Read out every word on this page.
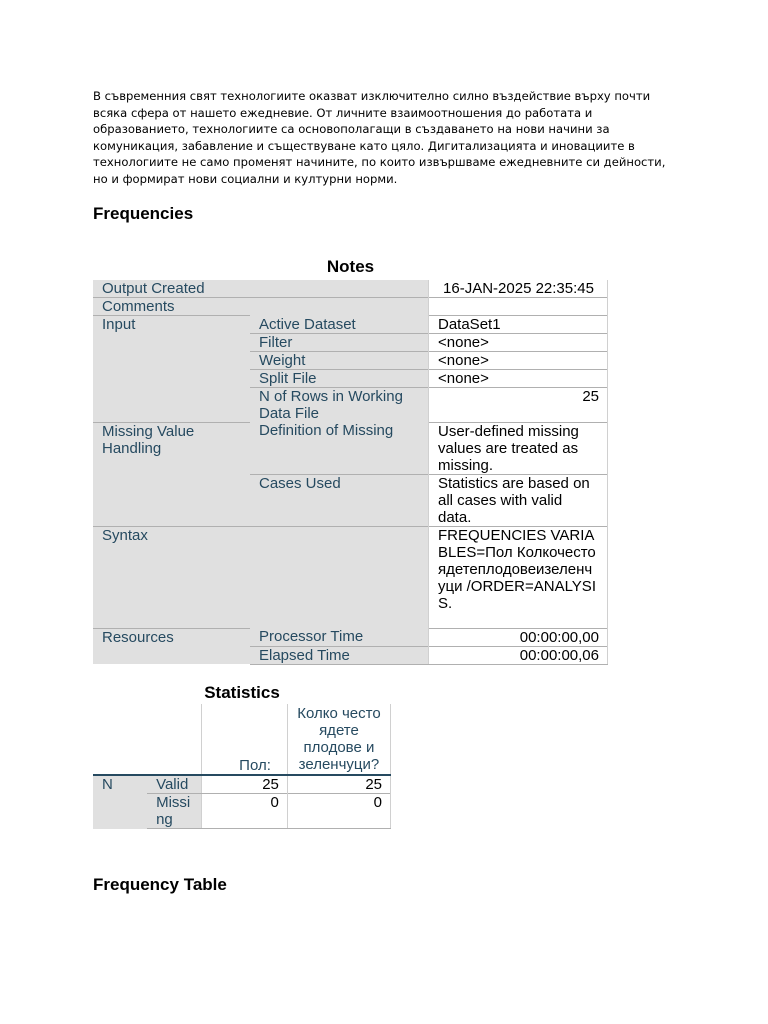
В съвременния свят технологиите оказват изключително силно въздействие върху почти всяка сфера от нашето ежедневие. От личните взаимоотношения до работата и образованието, технологиите са основополагащи в създаването на нови начини за комуникация, забавление и съществуване като цяло. Дигитализацията и иновациите в технологиите не само променят начините, по които извършваме ежедневните си дейности, но и формират нови социални и културни норми.

Frequencies
Notes
Output Created		16-JAN-2025 22:35:45
Comments		
Input	Active Dataset	DataSet1
	Filter	<none>
	Weight	<none>
	Split File	<none>
	N of Rows in Working Data File	25
Missing Value Handling	Definition of Missing	User-defined missing values are treated as missing.
	Cases Used	Statistics are based on all cases with valid data.
Syntax		FREQUENCIES VARIABLES=Пол Колкочестоядетеплодовеизеленчуци /ORDER=ANALYSIS.
Resources	Processor Time	00:00:00,00
	Elapsed Time	00:00:00,06
Statistics
		Пол:	Колко често ядете плодове и зеленчуци?
N	Valid	25	25
	Missing	0	0
Frequency Table
